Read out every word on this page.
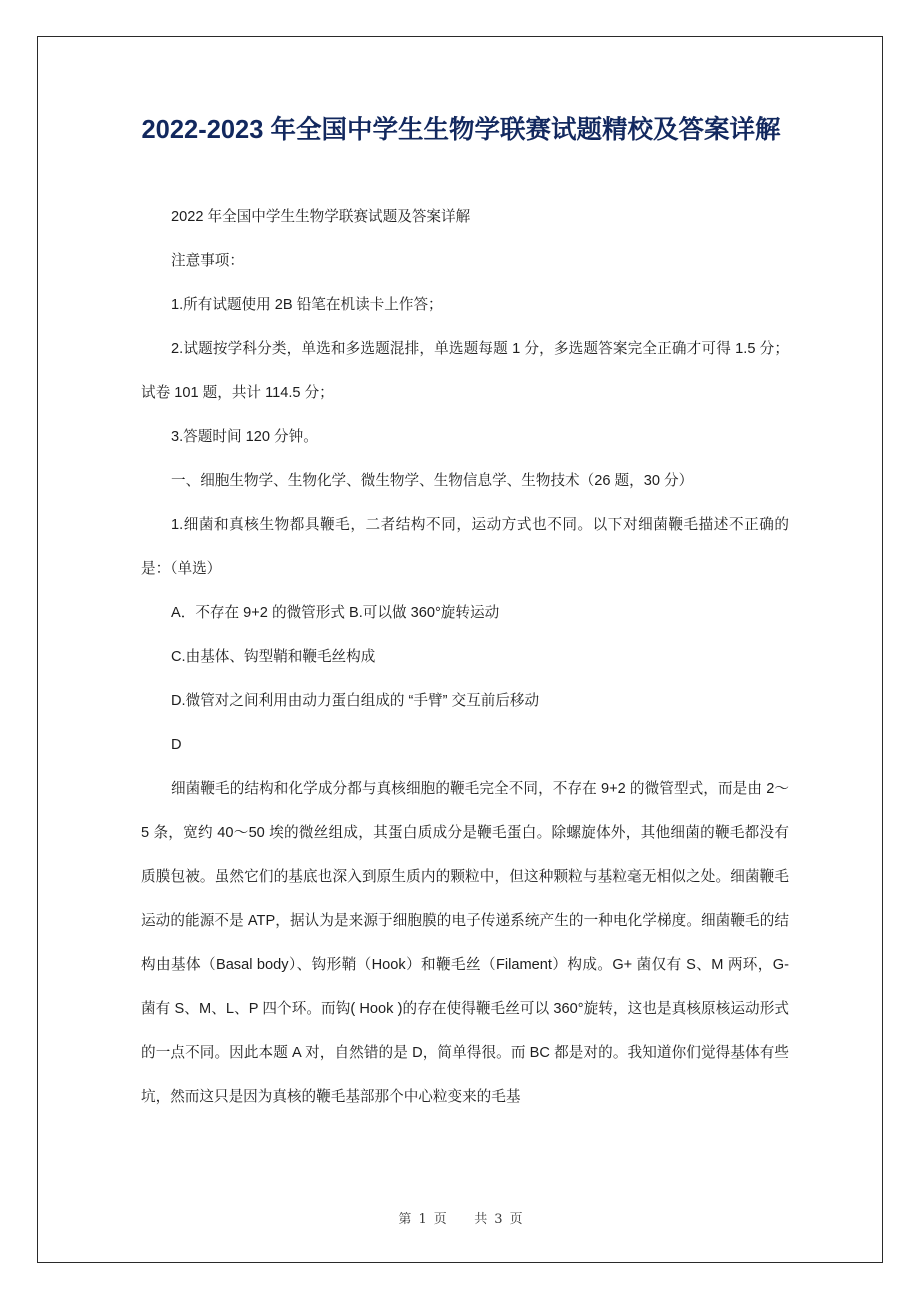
2022-2023 年全国中学生生物学联赛试题精校及答案详解

2022 年全国中学生生物学联赛试题及答案详解

注意事项：

1.所有试题使用 2B 铅笔在机读卡上作答；

2.试题按学科分类，单选和多选题混排，单选题每题 1 分，多选题答案完全正确才可得 1.5 分；试卷 101 题，共计 114.5 分；

3.答题时间 120 分钟。

一、细胞生物学、生物化学、微生物学、生物信息学、生物技术（26 题，30 分）

1.细菌和真核生物都具鞭毛，二者结构不同，运动方式也不同。以下对细菌鞭毛描述不正确的是：（单选）

A．不存在 9+2 的微管形式 B.可以做 360°旋转运动

C.由基体、钩型鞘和鞭毛丝构成

D.微管对之间利用由动力蛋白组成的 “手臂” 交互前后移动

D

细菌鞭毛的结构和化学成分都与真核细胞的鞭毛完全不同，不存在 9+2 的微管型式，而是由 2～5 条，宽约 40～50 埃的微丝组成，其蛋白质成分是鞭毛蛋白。除螺旋体外，其他细菌的鞭毛都没有质膜包被。虽然它们的基底也深入到原生质内的颗粒中，但这种颗粒与基粒毫无相似之处。细菌鞭毛运动的能源不是 ATP，据认为是来源于细胞膜的电子传递系统产生的一种电化学梯度。细菌鞭毛的结构由基体（Basal body）、钩形鞘（Hook）和鞭毛丝（Filament）构成。G+ 菌仅有 S、M 两环，G-菌有 S、M、L、P 四个环。而钩( Hook )的存在使得鞭毛丝可以 360°旋转，这也是真核原核运动形式的一点不同。因此本题 A 对，自然错的是 D，简单得很。而 BC 都是对的。我知道你们觉得基体有些坑，然而这只是因为真核的鞭毛基部那个中心粒变来的毛基

第 1 页 共 3 页
